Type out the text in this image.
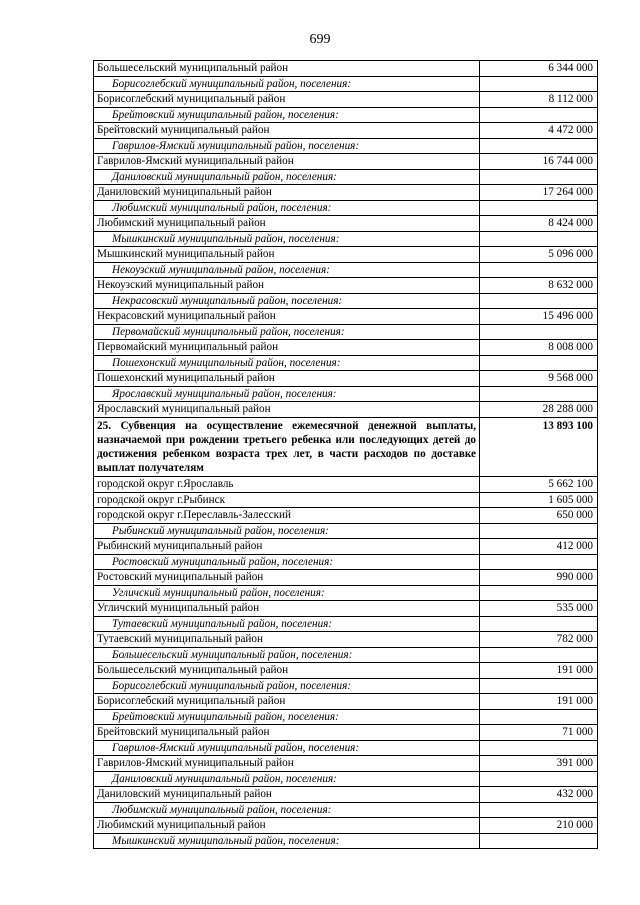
699
Большесельский муниципальный район	6 344 000
Борисоглебский муниципальный район, поселения:	
Борисоглебский муниципальный район	8 112 000
Брейтовский муниципальный район, поселения:	
Брейтовский муниципальный район	4 472 000
Гаврилов-Ямский муниципальный район, поселения:	
Гаврилов-Ямский муниципальный район	16 744 000
Даниловский муниципальный район, поселения:	
Даниловский муниципальный район	17 264 000
Любимский муниципальный район, поселения:	
Любимский муниципальный район	8 424 000
Мышкинский муниципальный район, поселения:	
Мышкинский муниципальный район	5 096 000
Некоузский муниципальный район, поселения:	
Некоузский муниципальный район	8 632 000
Некрасовский муниципальный район, поселения:	
Некрасовский муниципальный район	15 496 000
Первомайский муниципальный район, поселения:	
Первомайский муниципальный район	8 008 000
Пошехонский муниципальный район, поселения:	
Пошехонский муниципальный район	9 568 000
Ярославский муниципальный район, поселения:	
Ярославский муниципальный район	28 288 000
25. Субвенция на осуществление ежемесячной денежной выплаты, назначаемой при рождении третьего ребенка или последующих детей до достижения ребенком возраста трех лет, в части расходов по доставке выплат получателям	13 893 100
городской округ г.Ярославль	5 662 100
городской округ г.Рыбинск	1 605 000
городской округ г.Переславль-Залесский	650 000
Рыбинский муниципальный район, поселения:	
Рыбинский муниципальный район	412 000
Ростовский муниципальный район, поселения:	
Ростовский муниципальный район	990 000
Угличский муниципальный район, поселения:	
Угличский муниципальный район	535 000
Тутаевский муниципальный район, поселения:	
Тутаевский муниципальный район	782 000
Большесельский муниципальный район, поселения:	
Большесельский муниципальный район	191 000
Борисоглебский муниципальный район, поселения:	
Борисоглебский муниципальный район	191 000
Брейтовский муниципальный район, поселения:	
Брейтовский муниципальный район	71 000
Гаврилов-Ямский муниципальный район, поселения:	
Гаврилов-Ямский муниципальный район	391 000
Даниловский муниципальный район, поселения:	
Даниловский муниципальный район	432 000
Любимский муниципальный район, поселения:	
Любимский муниципальный район	210 000
Мышкинский муниципальный район, поселения:	
